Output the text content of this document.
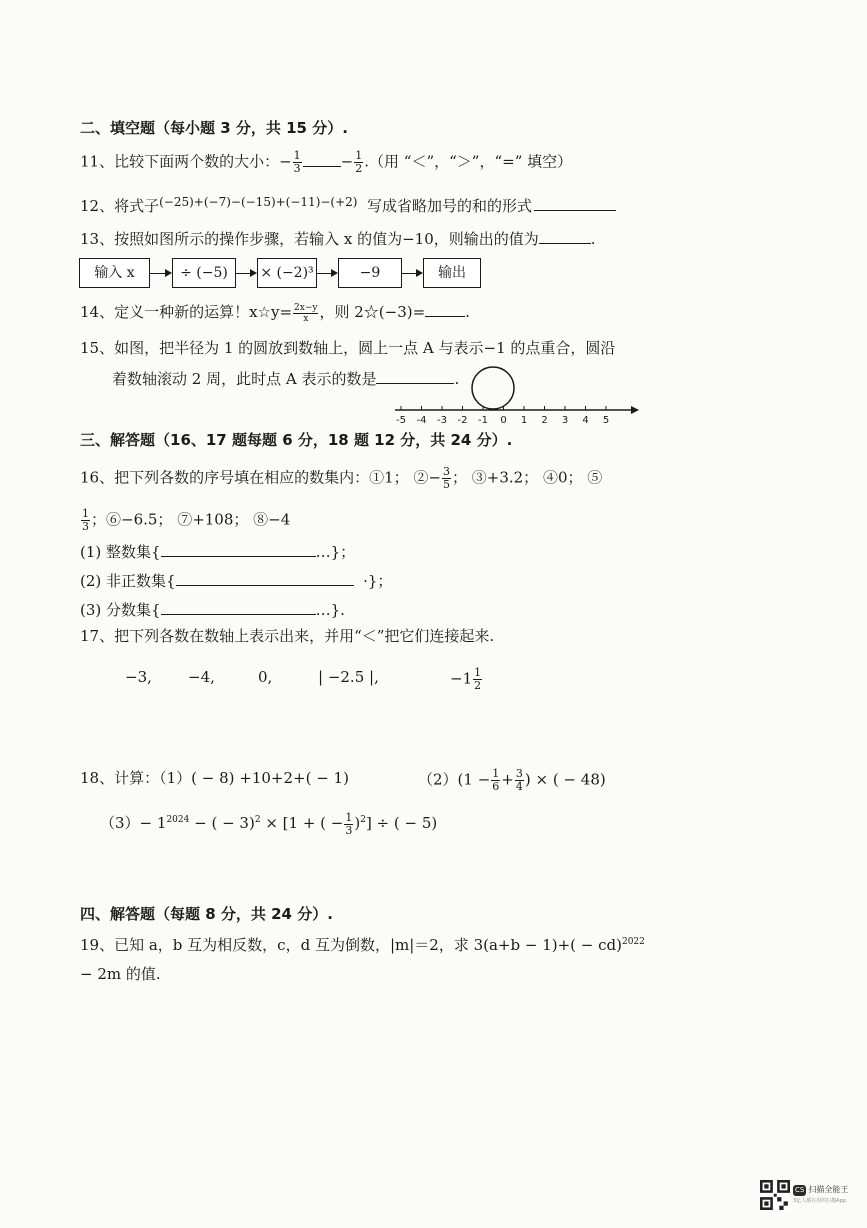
二、填空题（每小题 3 分，共 15 分）.
11、比较下面两个数的大小：− $\frac{1}{3}$	− $\frac{1}{2}$ .（用 “＜”，“＞”，“=” 填空）
12、将式子$^{(-25)+(-7)-(-15)+(-11)-(+2)}$ 写成省略加号的和的形式
13、按照如图所示的操作步骤，若输入 x 的值为−10，则输出的值为	.
输入 x	÷ (−5)	× (−2)³	−9	输出
14、定义一种新的运算！x☆y= $\frac{2x-y}{x}$ ，则 2☆(−3)=	.
15、如图，把半径为 1 的圆放到数轴上，圆上一点 A 与表示−1 的点重合，圆沿
着数轴滚动 2 周，此时点 A 表示的数是	.
-5 -4 -3 -2 -1 0 1 2 3 4 5
三、解答题（16、17 题每题 6 分，18 题 12 分，共 24 分）.
16、把下列各数的序号填在相应的数集内：①1； ②− $\frac{3}{5}$ ； ③+3.2； ④0； ⑤
$\frac{1}{3}$ ；⑥−6.5； ⑦+108； ⑧−4
(1) 整数集{	…}；
(2) 非正数集{	·}；
(3) 分数集{	…}.
17、把下列各数在数轴上表示出来，并用“＜”把它们连接起来.
−3, −4,	0,	| −2.5 |,	$-1 \frac{1}{2}$
18、计算：（1）( − 8) +10+2+( − 1)	$(2)(1 - \frac{1}{6} + \frac{3}{4}$ ) × ( − 48)
$(3)- 1^{2024}$ − ( − 3)$^2$ × [1 + ( − $\frac{1}{3} )^2$] ÷ ( − 5)
四、解答题（每题 8 分，共 24 分）.
19、已知 a，b 互为相反数，c，d 互为倒数，|m|＝2，求 3(a+b − 1)+( − cd)$^{2022}$
− 2m 的值.
CS 扫描全能王
3亿人都在用的扫描App
